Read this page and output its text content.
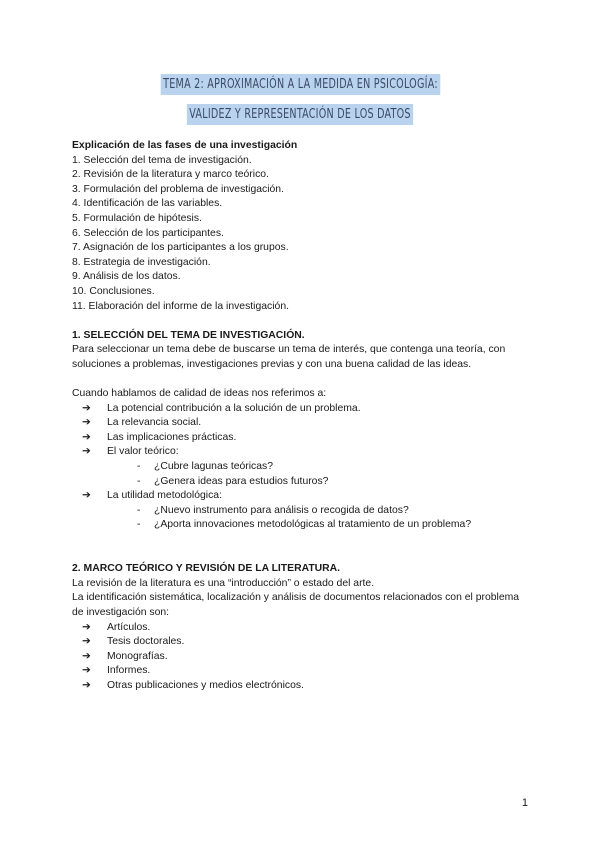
TEMA 2: APROXIMACIÓN A LA MEDIDA EN PSICOLOGÍA:
VALIDEZ Y REPRESENTACIÓN DE LOS DATOS
Explicación de las fases de una investigación
1. Selección del tema de investigación.
2. Revisión de la literatura y marco teórico.
3. Formulación del problema de investigación.
4. Identificación de las variables.
5. Formulación de hipótesis.
6. Selección de los participantes.
7. Asignación de los participantes a los grupos.
8. Estrategia de investigación.
9. Análisis de los datos.
10. Conclusiones.
11. Elaboración del informe de la investigación.
1. SELECCIÓN DEL TEMA DE INVESTIGACIÓN.
Para seleccionar un tema debe de buscarse un tema de interés, que contenga una teoría, con soluciones a problemas, investigaciones previas y con una buena calidad de las ideas.
Cuando hablamos de calidad de ideas nos referimos a:
➔ La potencial contribución a la solución de un problema.
➔ La relevancia social.
➔ Las implicaciones prácticas.
➔ El valor teórico:
- ¿Cubre lagunas teóricas?
- ¿Genera ideas para estudios futuros?
➔ La utilidad metodológica:
- ¿Nuevo instrumento para análisis o recogida de datos?
- ¿Aporta innovaciones metodológicas al tratamiento de un problema?
2. MARCO TEÓRICO Y REVISIÓN DE LA LITERATURA.
La revisión de la literatura es una “introducción” o estado del arte.
La identificación sistemática, localización y análisis de documentos relacionados con el problema de investigación son:
➔ Artículos.
➔ Tesis doctorales.
➔ Monografías.
➔ Informes.
➔ Otras publicaciones y medios electrónicos.
1
